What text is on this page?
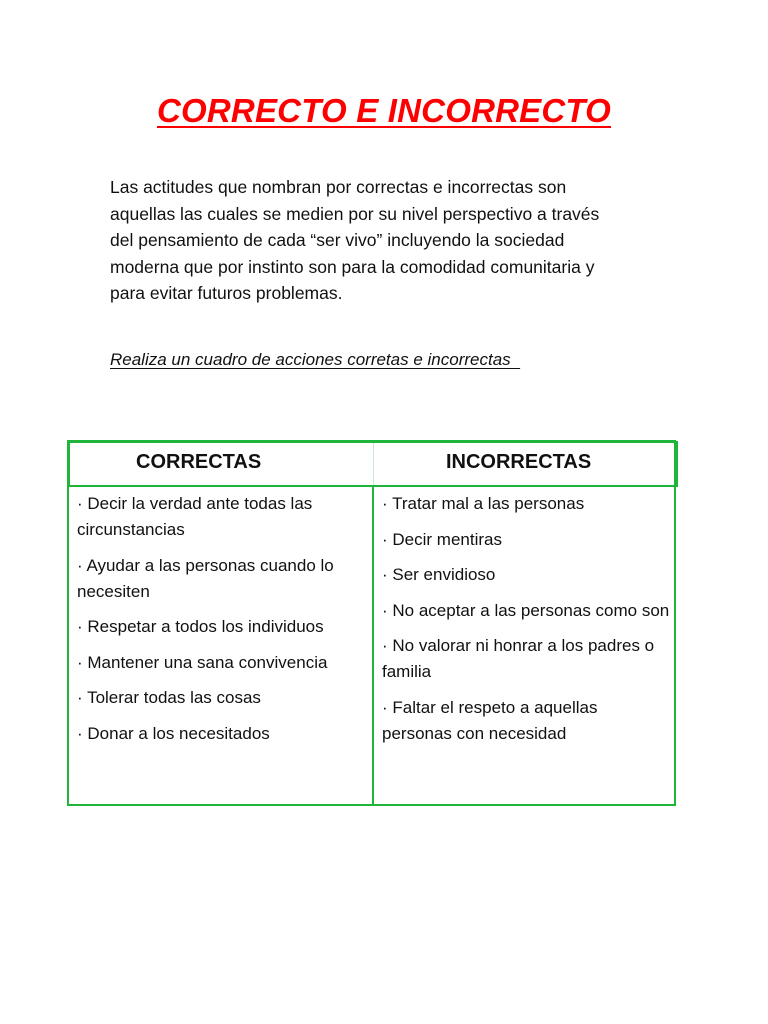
CORRECTO E INCORRECTO

Las actitudes que nombran por correctas e incorrectas son
aquellas las cuales se medien por su nivel perspectivo a través
del pensamiento de cada “ser vivo” incluyendo la sociedad
moderna que por instinto son para la comodidad comunitaria y
para evitar futuros problemas.

Realiza un cuadro de acciones corretas e incorrectas
CORRECTAS	INCORRECTAS
· Decir la verdad ante todas las circunstancias
· Ayudar a las personas cuando lo necesiten
· Respetar a todos los individuos
· Mantener una sana convivencia
· Tolerar todas las cosas
· Donar a los necesitados
· Tratar mal a las personas
· Decir mentiras
· Ser envidioso
· No aceptar a las personas como son
· No valorar ni honrar a los padres o familia
· Faltar el respeto a aquellas personas con necesidad
